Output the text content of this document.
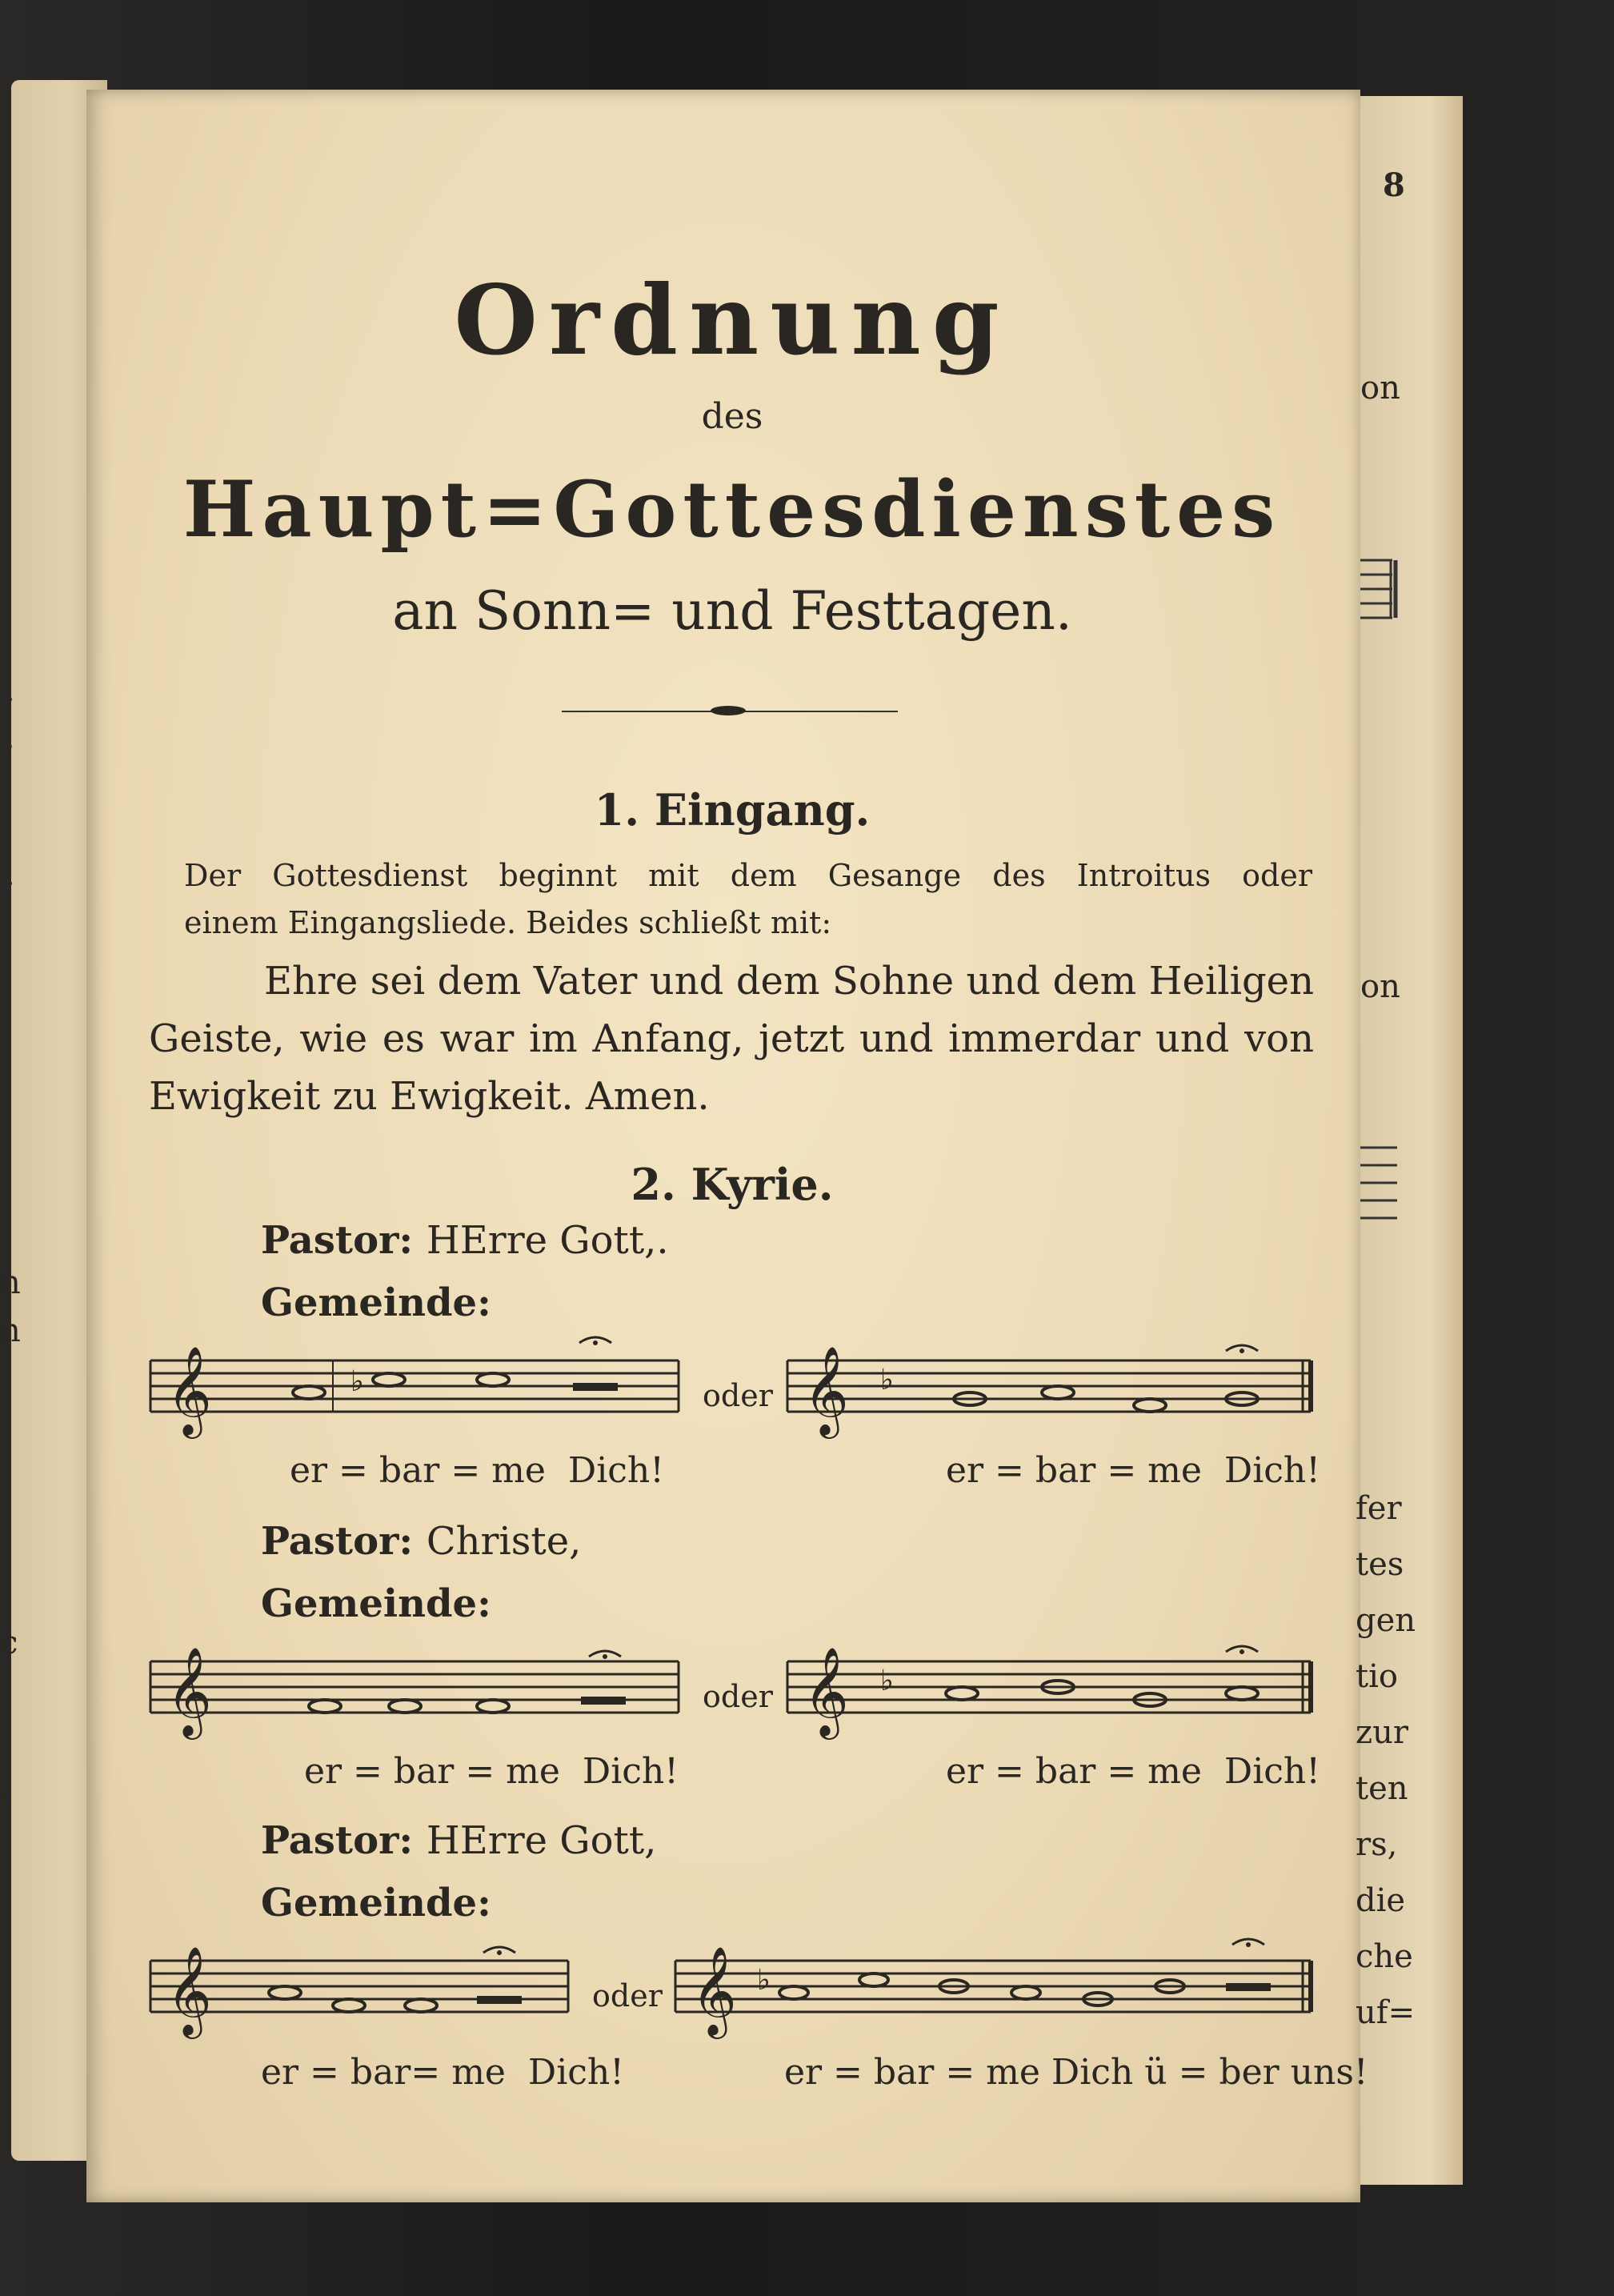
8
on
on
fer
tes
gen
tio
zur
ten
rs,
die
che
uf=
.
,
.
n
n
c
.
Ordnung
des
Haupt=Gottesdienstes
an Sonn= und Festtagen.
1. Eingang.
Der Gottesdienst beginnt mit dem Gesange des Introitus oder
einem Eingangsliede. Beides schließt mit:
Ehre sei dem Vater und dem Sohne und dem Heiligen
Geiste, wie es war im Anfang, jetzt und immerdar und von
Ewigkeit zu Ewigkeit. Amen.
2. Kyrie.
Pastor: HErre Gott,.
Gemeinde:
𝄞	♭	oder 𝄞 ♭
er = bar = me  Dich!	er = bar = me  Dich!
Pastor: Christe,
Gemeinde:
𝄞	oder 𝄞 ♭
er = bar = me  Dich!	er = bar = me  Dich!
Pastor: HErre Gott,
Gemeinde:
𝄞	oder 𝄞 ♭
er = bar= me  Dich!	er = bar = me Dich ü = ber uns!
